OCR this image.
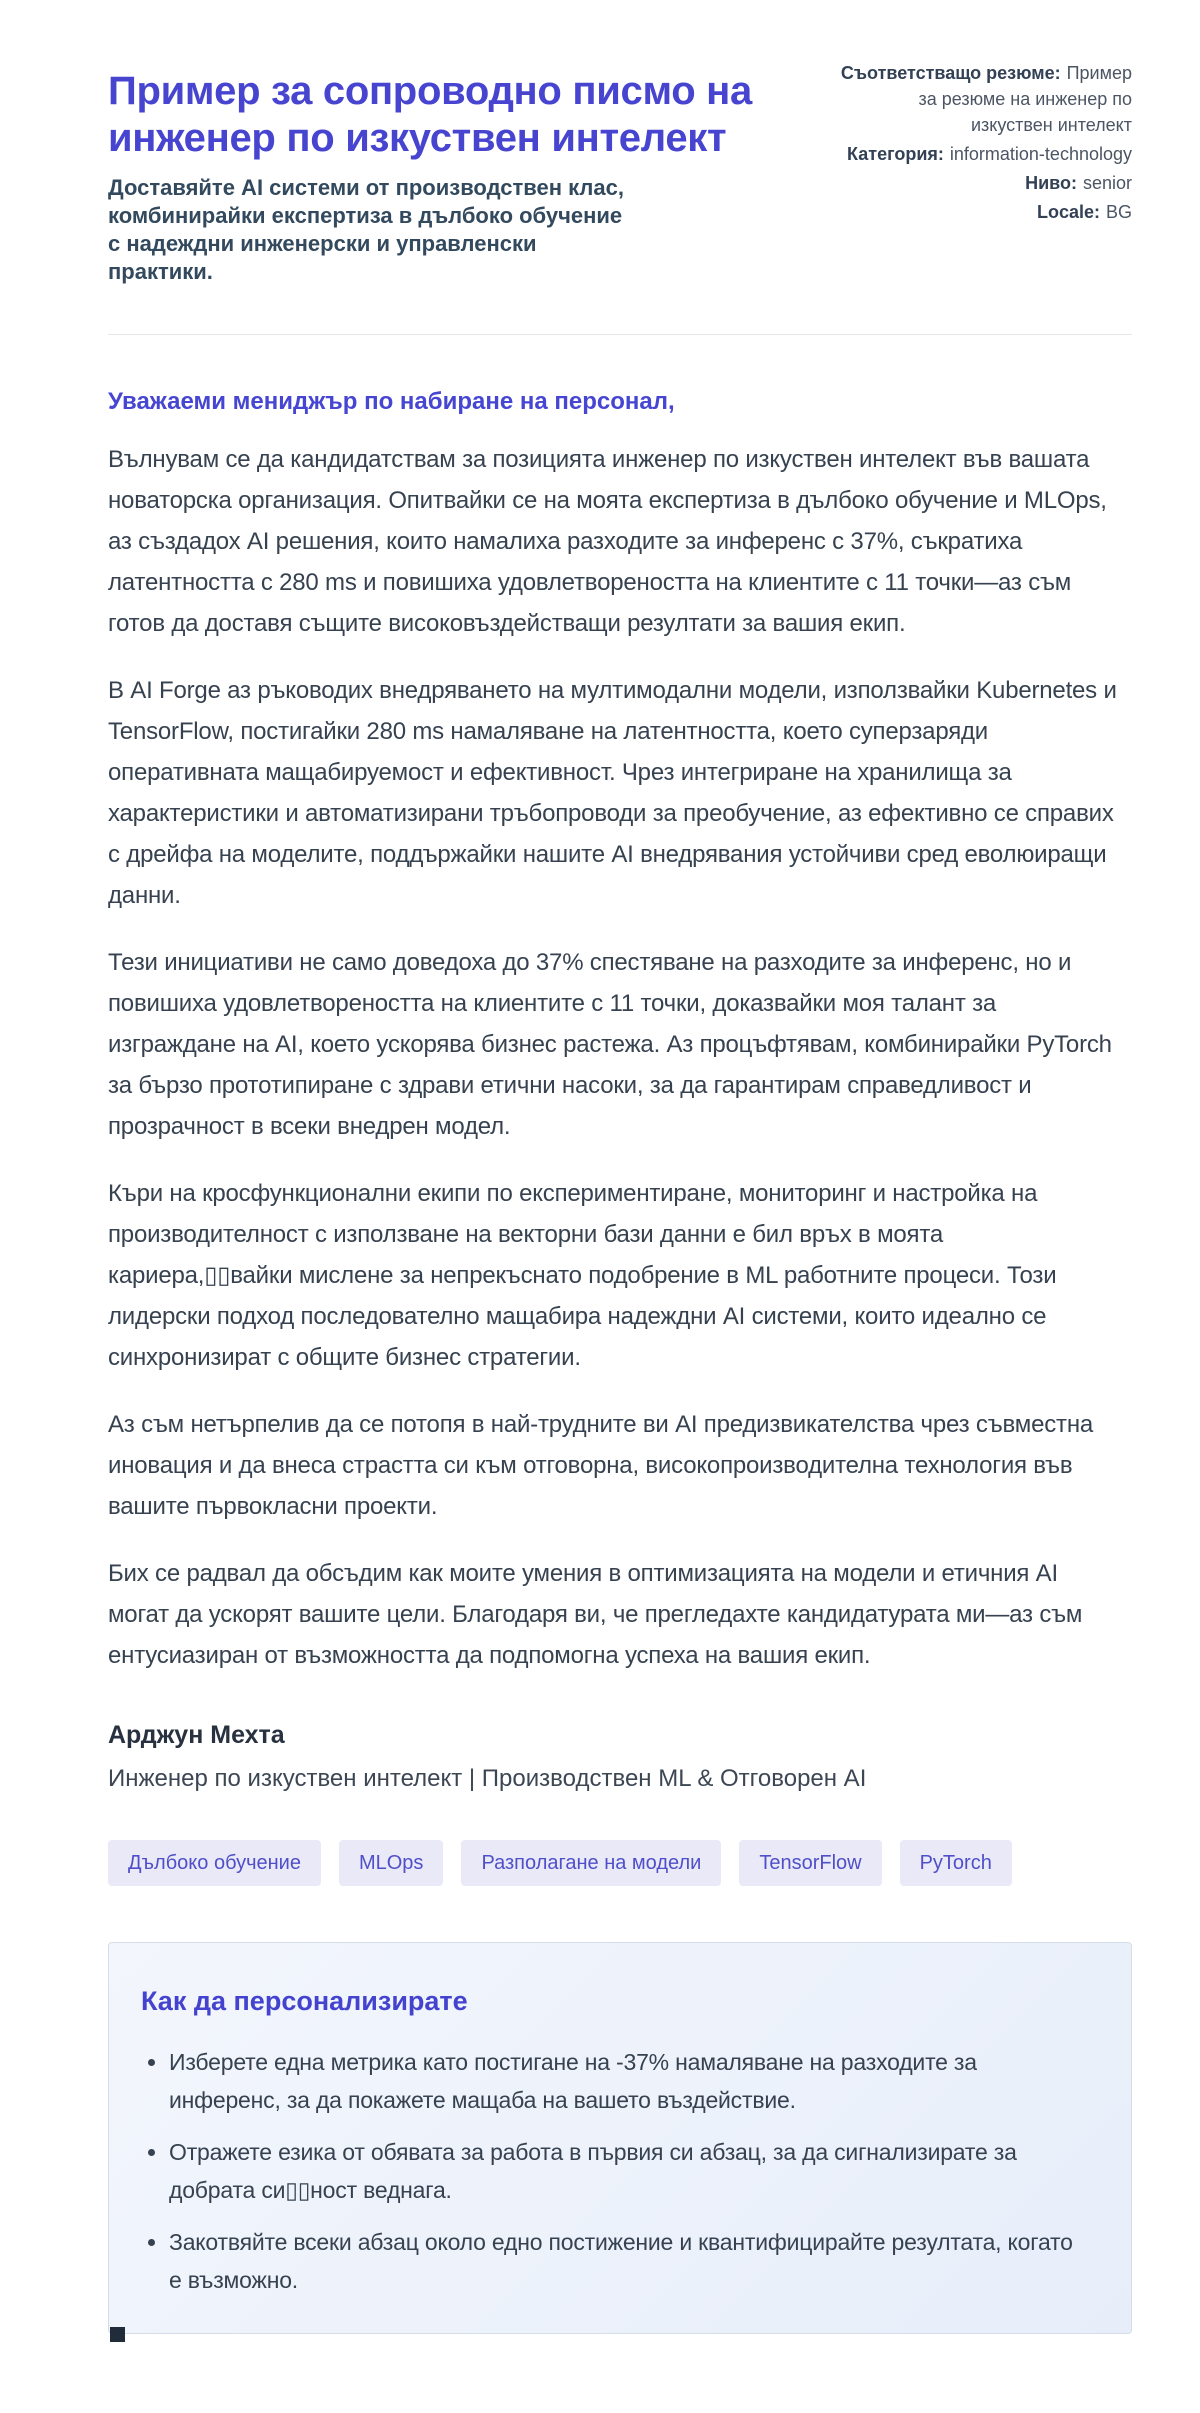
Пример за сопроводно писмо на инженер по изкуствен интелект

Доставяйте AI системи от производствен клас, комбинирайки експертиза в дълбоко обучение с надеждни инженерски и управленски практики.

Съответстващо резюме: Пример за резюме на инженер по изкуствен интелект
Категория: information-technology
Ниво: senior
Locale: BG

Уважаеми мениджър по набиране на персонал,

Вълнувам се да кандидатствам за позицията инженер по изкуствен интелект във вашата новаторска организация. Опитвайки се на моята експертиза в дълбоко обучение и MLOps, аз създадох AI решения, които намалиха разходите за инференс с 37%, съкратиха латентността с 280 ms и повишиха удовлетвореността на клиентите с 11 точки—аз съм готов да доставя същите високовъздействащи резултати за вашия екип.

В AI Forge аз ръководих внедряването на мултимодални модели, използвайки Kubernetes и TensorFlow, постигайки 280 ms намаляване на латентността, което суперзаряди оперативната мащабируемост и ефективност. Чрез интегриране на хранилища за характеристики и автоматизирани тръбопроводи за преобучение, аз ефективно се справих с дрейфа на моделите, поддържайки нашите AI внедрявания устойчиви сред еволюиращи данни.

Тези инициативи не само доведоха до 37% спестяване на разходите за инференс, но и повишиха удовлетвореността на клиентите с 11 точки, доказвайки моя талант за изграждане на AI, което ускорява бизнес растежа. Аз процъфтявам, комбинирайки PyTorch за бързо прототипиране с здрави етични насоки, за да гарантирам справедливост и прозрачност в всеки внедрен модел.

Къри на кросфункционални екипи по експериментиране, мониторинг и настройка на производителност с използване на векторни бази данни е бил връх в моята кариера,▯▯вайки мислене за непрекъснато подобрение в ML работните процеси. Този лидерски подход последователно мащабира надеждни AI системи, които идеално се синхронизират с общите бизнес стратегии.

Аз съм нетърпелив да се потопя в най-трудните ви AI предизвикателства чрез съвместна иновация и да внеса страстта си към отговорна, високопроизводителна технология във вашите първокласни проекти.

Бих се радвал да обсъдим как моите умения в оптимизацията на модели и етичния AI могат да ускорят вашите цели. Благодаря ви, че прегледахте кандидатурата ми—аз съм ентусиазиран от възможността да подпомогна успеха на вашия екип.

Арджун Мехта

Инженер по изкуствен интелект | Производствен ML & Отговорен AI

Дълбоко обучение	MLOps	Разполагане на модели	TensorFlow	PyTorch
Как да персонализирате
• Изберете една метрика като постигане на -37% намаляване на разходите за инференс, за да покажете мащаба на вашето въздействие.
• Отражете езика от обявата за работа в първия си абзац, за да сигнализирате за добрата си▯▯ност веднага.
• Закотвяйте всеки абзац около едно постижение и квантифицирайте резултата, когато е възможно.
